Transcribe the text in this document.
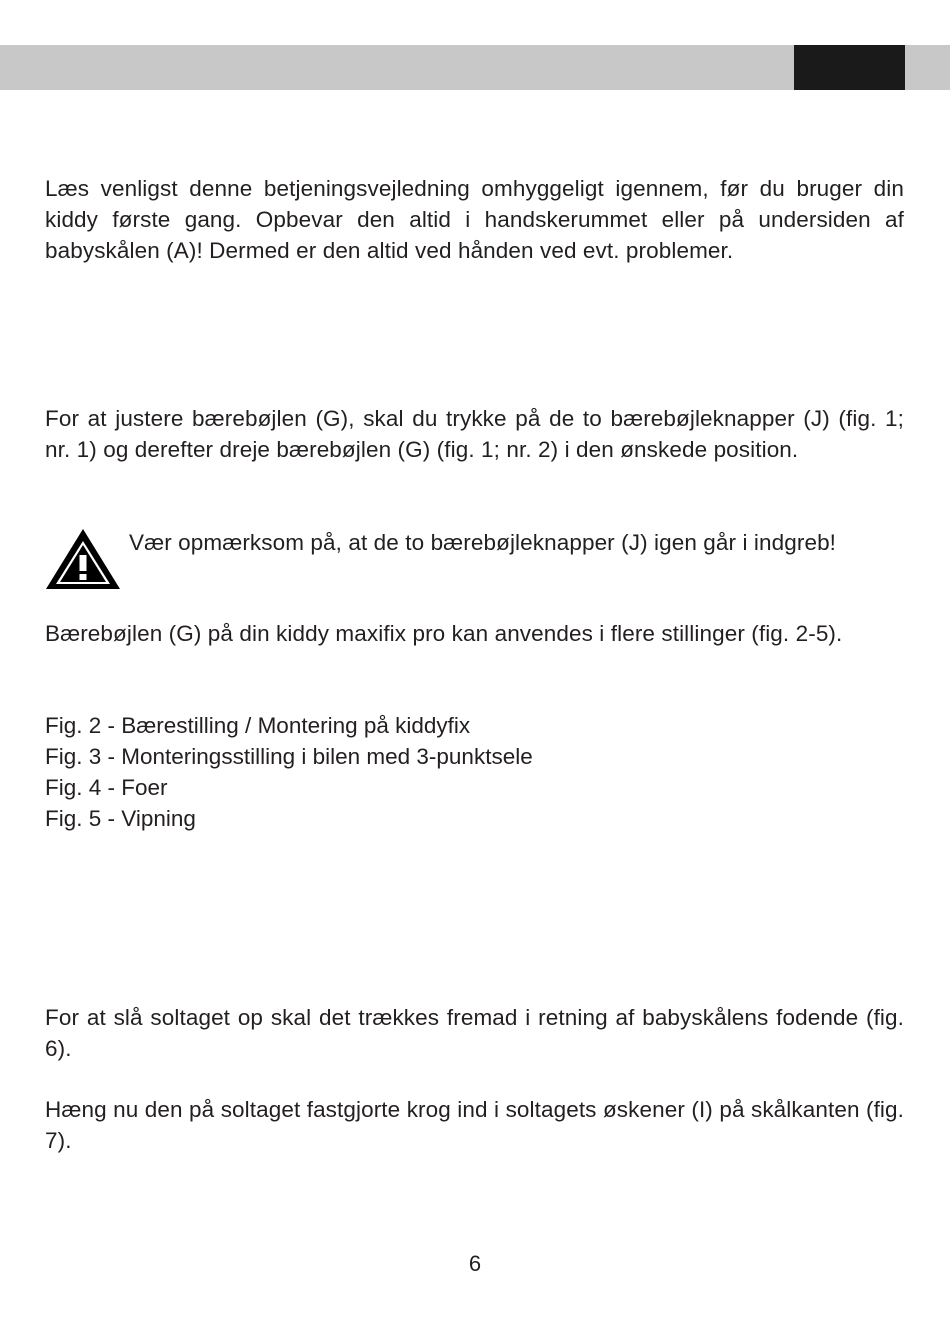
Læs venligst denne betjeningsvejledning omhyggeligt igennem, før du bruger din kiddy første gang. Opbevar den altid i handskerummet eller på undersiden af babyskålen (A)! Dermed er den altid ved hånden ved evt. problemer.

For at justere bærebøjlen (G), skal du trykke på de to bærebøjleknapper (J) (fig. 1; nr. 1) og derefter dreje bærebøjlen (G) (fig. 1; nr. 2) i den ønskede position.

Vær opmærksom på, at de to bærebøjleknapper (J) igen går i indgreb!

Bærebøjlen (G) på din kiddy maxifix pro kan anvendes i flere stillinger (fig. 2-5).

Fig. 2 - Bærestilling / Montering på kiddyfix
Fig. 3 - Monteringsstilling i bilen med 3-punktsele
Fig. 4 - Foer
Fig. 5 - Vipning

For at slå soltaget op skal det trækkes fremad i retning af babyskålens fodende (fig. 6).

Hæng nu den på soltaget fastgjorte krog ind i soltagets øskener (I) på skålkanten (fig. 7).

6
